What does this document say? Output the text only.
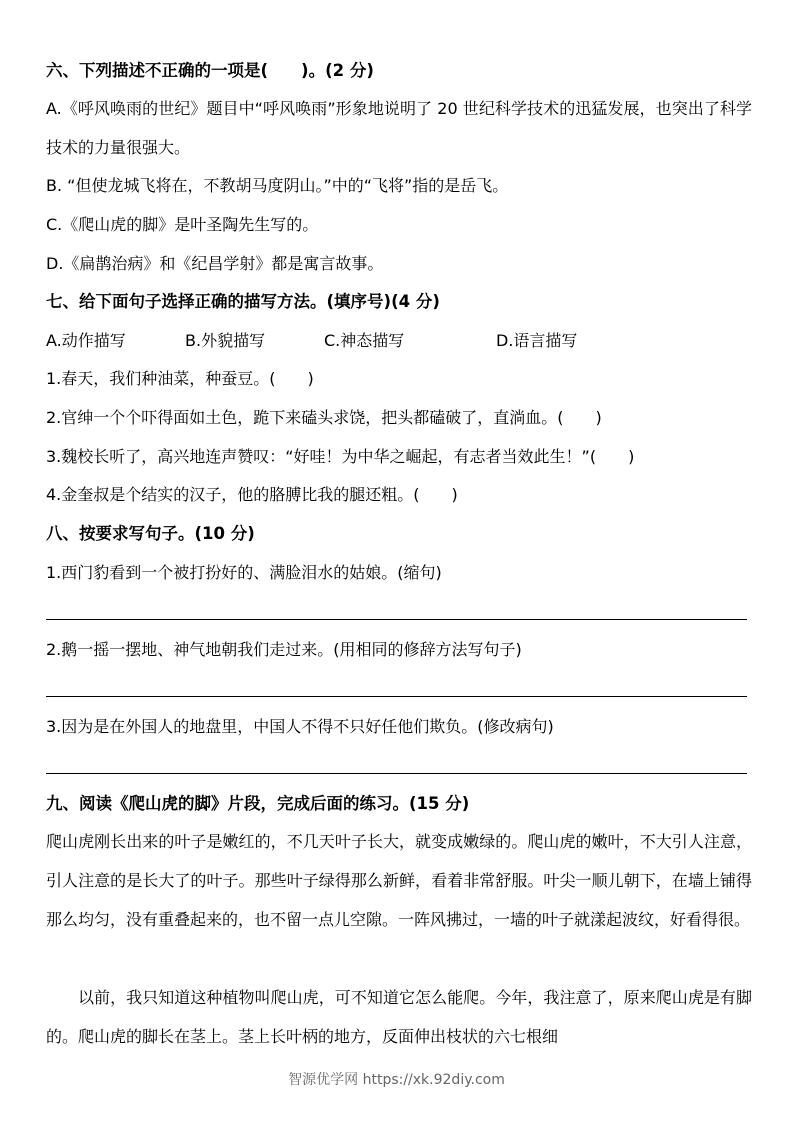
六、下列描述不正确的一项是(　　)。(2 分)
A.《呼风唤雨的世纪》题目中“呼风唤雨”形象地说明了 20 世纪科学技术的迅猛发展，也突出了科学技术的力量很强大。
B. “但使龙城飞将在，不教胡马度阴山。”中的“飞将”指的是岳飞。
C.《爬山虎的脚》是叶圣陶先生写的。
D.《扁鹊治病》和《纪昌学射》都是寓言故事。
七、给下面句子选择正确的描写方法。(填序号)(4 分)
A.动作描写	B.外貌描写	C.神态描写	D.语言描写
1.春天，我们种油菜，种蚕豆。(　　)
2.官绅一个个吓得面如土色，跪下来磕头求饶，把头都磕破了，直淌血。(　　)
3.魏校长听了，高兴地连声赞叹：“好哇！为中华之崛起，有志者当效此生！”(　　)
4.金奎叔是个结实的汉子，他的胳膊比我的腿还粗。(　　)
八、按要求写句子。(10 分)
1.西门豹看到一个被打扮好的、满脸泪水的姑娘。(缩句)
2.鹅一摇一摆地、神气地朝我们走过来。(用相同的修辞方法写句子)
3.因为是在外国人的地盘里，中国人不得不只好任他们欺负。(修改病句)
九、阅读《爬山虎的脚》片段，完成后面的练习。(15 分)
爬山虎刚长出来的叶子是嫩红的，不几天叶子长大，就变成嫩绿的。爬山虎的嫩叶，不大引人注意，引人注意的是长大了的叶子。那些叶子绿得那么新鲜，看着非常舒服。叶尖一顺儿朝下，在墙上铺得那么均匀，没有重叠起来的，也不留一点儿空隙。一阵风拂过，一墙的叶子就漾起波纹，好看得很。
以前，我只知道这种植物叫爬山虎，可不知道它怎么能爬。今年，我注意了，原来爬山虎是有脚的。爬山虎的脚长在茎上。茎上长叶柄的地方，反面伸出枝状的六七根细
智源优学网 https://xk.92diy.com
